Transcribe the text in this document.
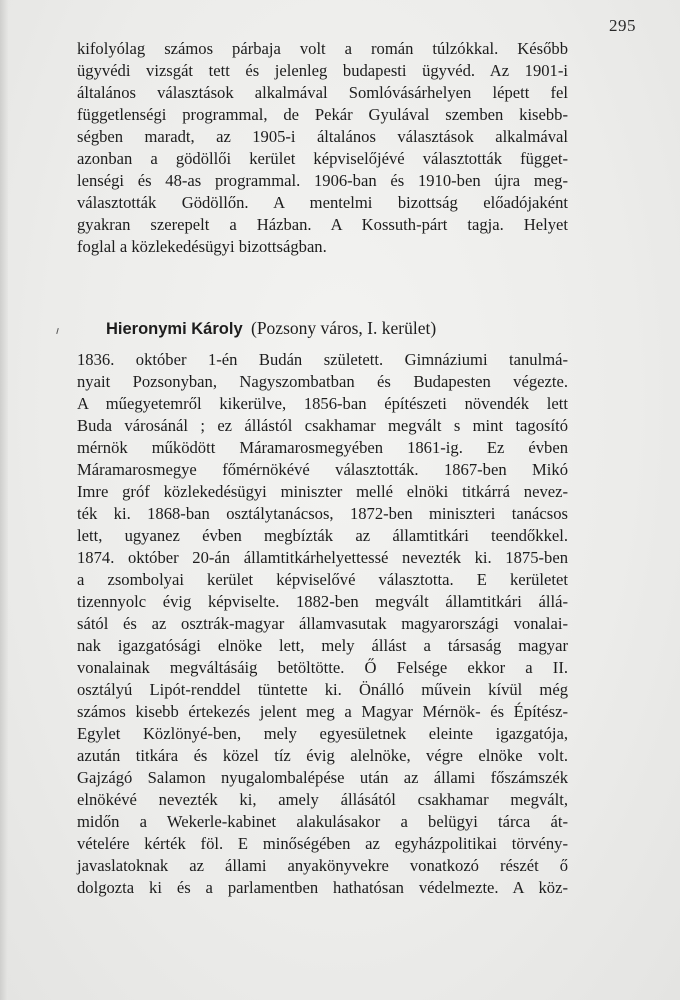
295
kifolyólag számos párbaja volt a román túlzókkal. Később
ügyvédi vizsgát tett és jelenleg budapesti ügyvéd. Az 1901-i
általános választások alkalmával Somlóvásárhelyen lépett fel
függetlenségi programmal, de Pekár Gyulával szemben kisebb-
ségben maradt, az 1905-i általános választások alkalmával
azonban a gödöllői kerület képviselőjévé választották függet-
lenségi és 48-as programmal. 1906-ban és 1910-ben újra meg-
választották Gödöllőn. A mentelmi bizottság előadójaként
gyakran szerepelt a Házban. A Kossuth-párt tagja. Helyet
foglal a közlekedésügyi bizottságban.
Hieronymi Károly (Pozsony város, I. kerület)
1836. október 1-én Budán született. Gimnáziumi tanulmá-
nyait Pozsonyban, Nagyszombatban és Budapesten végezte.
A műegyetemről kikerülve, 1856-ban építészeti növendék lett
Buda városánál ; ez állástól csakhamar megvált s mint tagosító
mérnök működött Máramarosmegyében 1861-ig. Ez évben
Máramarosmegye főmérnökévé választották. 1867-ben Mikó
Imre gróf közlekedésügyi miniszter mellé elnöki titkárrá nevez-
ték ki. 1868-ban osztálytanácsos, 1872-ben miniszteri tanácsos
lett, ugyanez évben megbízták az államtitkári teendőkkel.
1874. október 20-án államtitkárhelyettessé nevezték ki. 1875-ben
a zsombolyai kerület képviselővé választotta. E kerületet
tizennyolc évig képviselte. 1882-ben megvált államtitkári állá-
sától és az osztrák-magyar államvasutak magyarországi vonalai-
nak igazgatósági elnöke lett, mely állást a társaság magyar
vonalainak megváltásáig betöltötte. Ő Felsége ekkor a II.
osztályú Lipót-renddel tüntette ki. Önálló művein kívül még
számos kisebb értekezés jelent meg a Magyar Mérnök- és Építész-
Egylet Közlönyé-ben, mely egyesületnek eleinte igazgatója,
azután titkára és közel tíz évig alelnöke, végre elnöke volt.
Gajzágó Salamon nyugalombalépése után az állami főszámszék
elnökévé nevezték ki, amely állásától csakhamar megvált,
midőn a Wekerle-kabinet alakulásakor a belügyi tárca át-
vételére kérték föl. E minőségében az egyházpolitikai törvény-
javaslatoknak az állami anyakönyvekre vonatkozó részét ő
dolgozta ki és a parlamentben hathatósan védelmezte. A köz-
